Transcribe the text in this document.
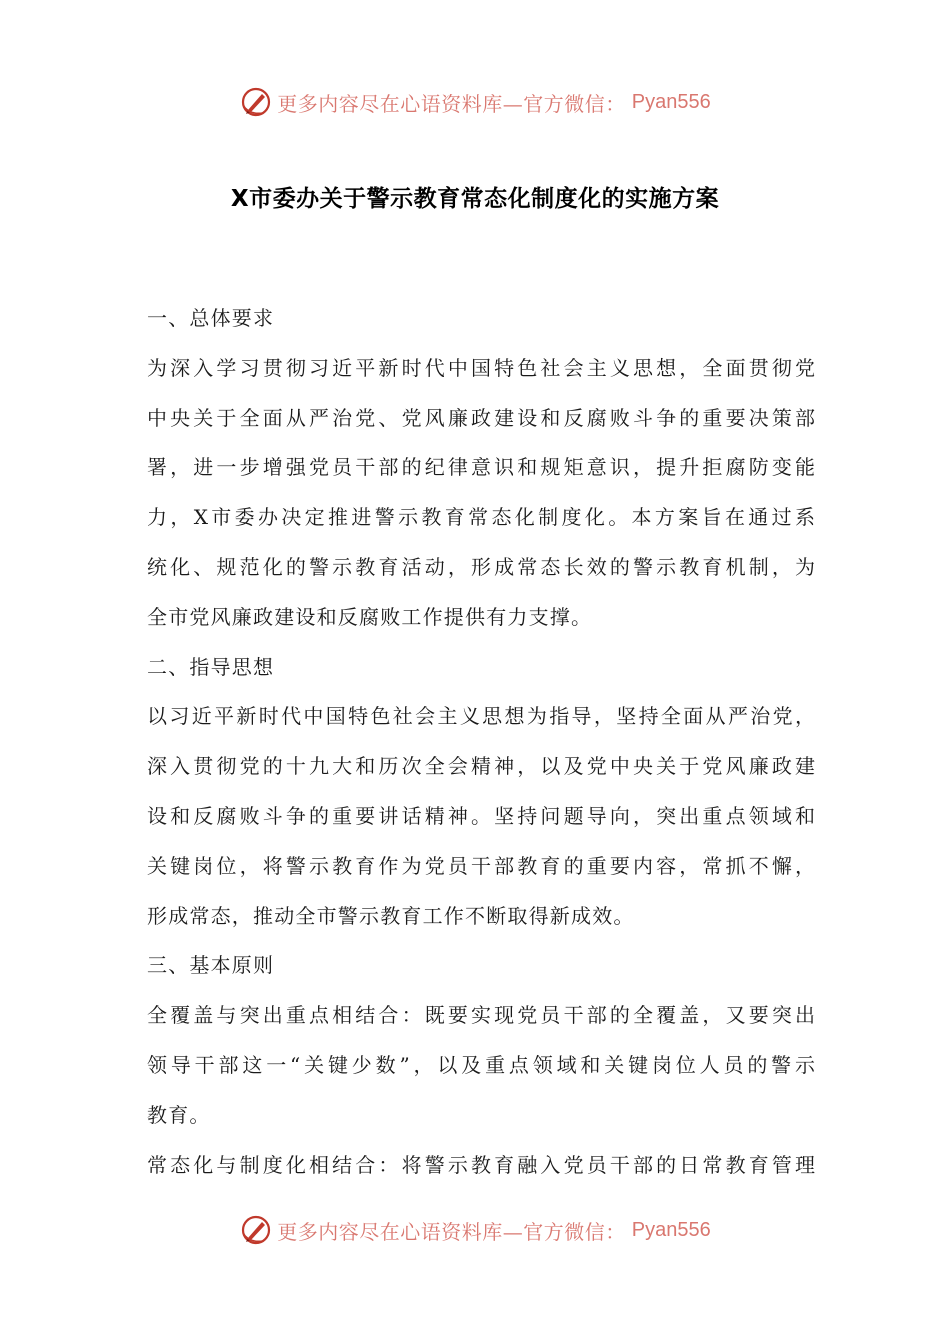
更多内容尽在心语资料库—官方微信： Pyan556
X市委办关于警示教育常态化制度化的实施方案
一、总体要求
为深入学习贯彻习近平新时代中国特色社会主义思想，全面贯彻党
中央关于全面从严治党、党风廉政建设和反腐败斗争的重要决策部
署，进一步增强党员干部的纪律意识和规矩意识，提升拒腐防变能
力，X市委办决定推进警示教育常态化制度化。本方案旨在通过系
统化、规范化的警示教育活动，形成常态长效的警示教育机制，为
全市党风廉政建设和反腐败工作提供有力支撑。
二、指导思想
以习近平新时代中国特色社会主义思想为指导，坚持全面从严治党，
深入贯彻党的十九大和历次全会精神，以及党中央关于党风廉政建
设和反腐败斗争的重要讲话精神。坚持问题导向，突出重点领域和
关键岗位，将警示教育作为党员干部教育的重要内容，常抓不懈，
形成常态，推动全市警示教育工作不断取得新成效。
三、基本原则
全覆盖与突出重点相结合：既要实现党员干部的全覆盖，又要突出
领导干部这一“关键少数”，以及重点领域和关键岗位人员的警示
教育。
常态化与制度化相结合：将警示教育融入党员干部的日常教育管理
更多内容尽在心语资料库—官方微信： Pyan556
